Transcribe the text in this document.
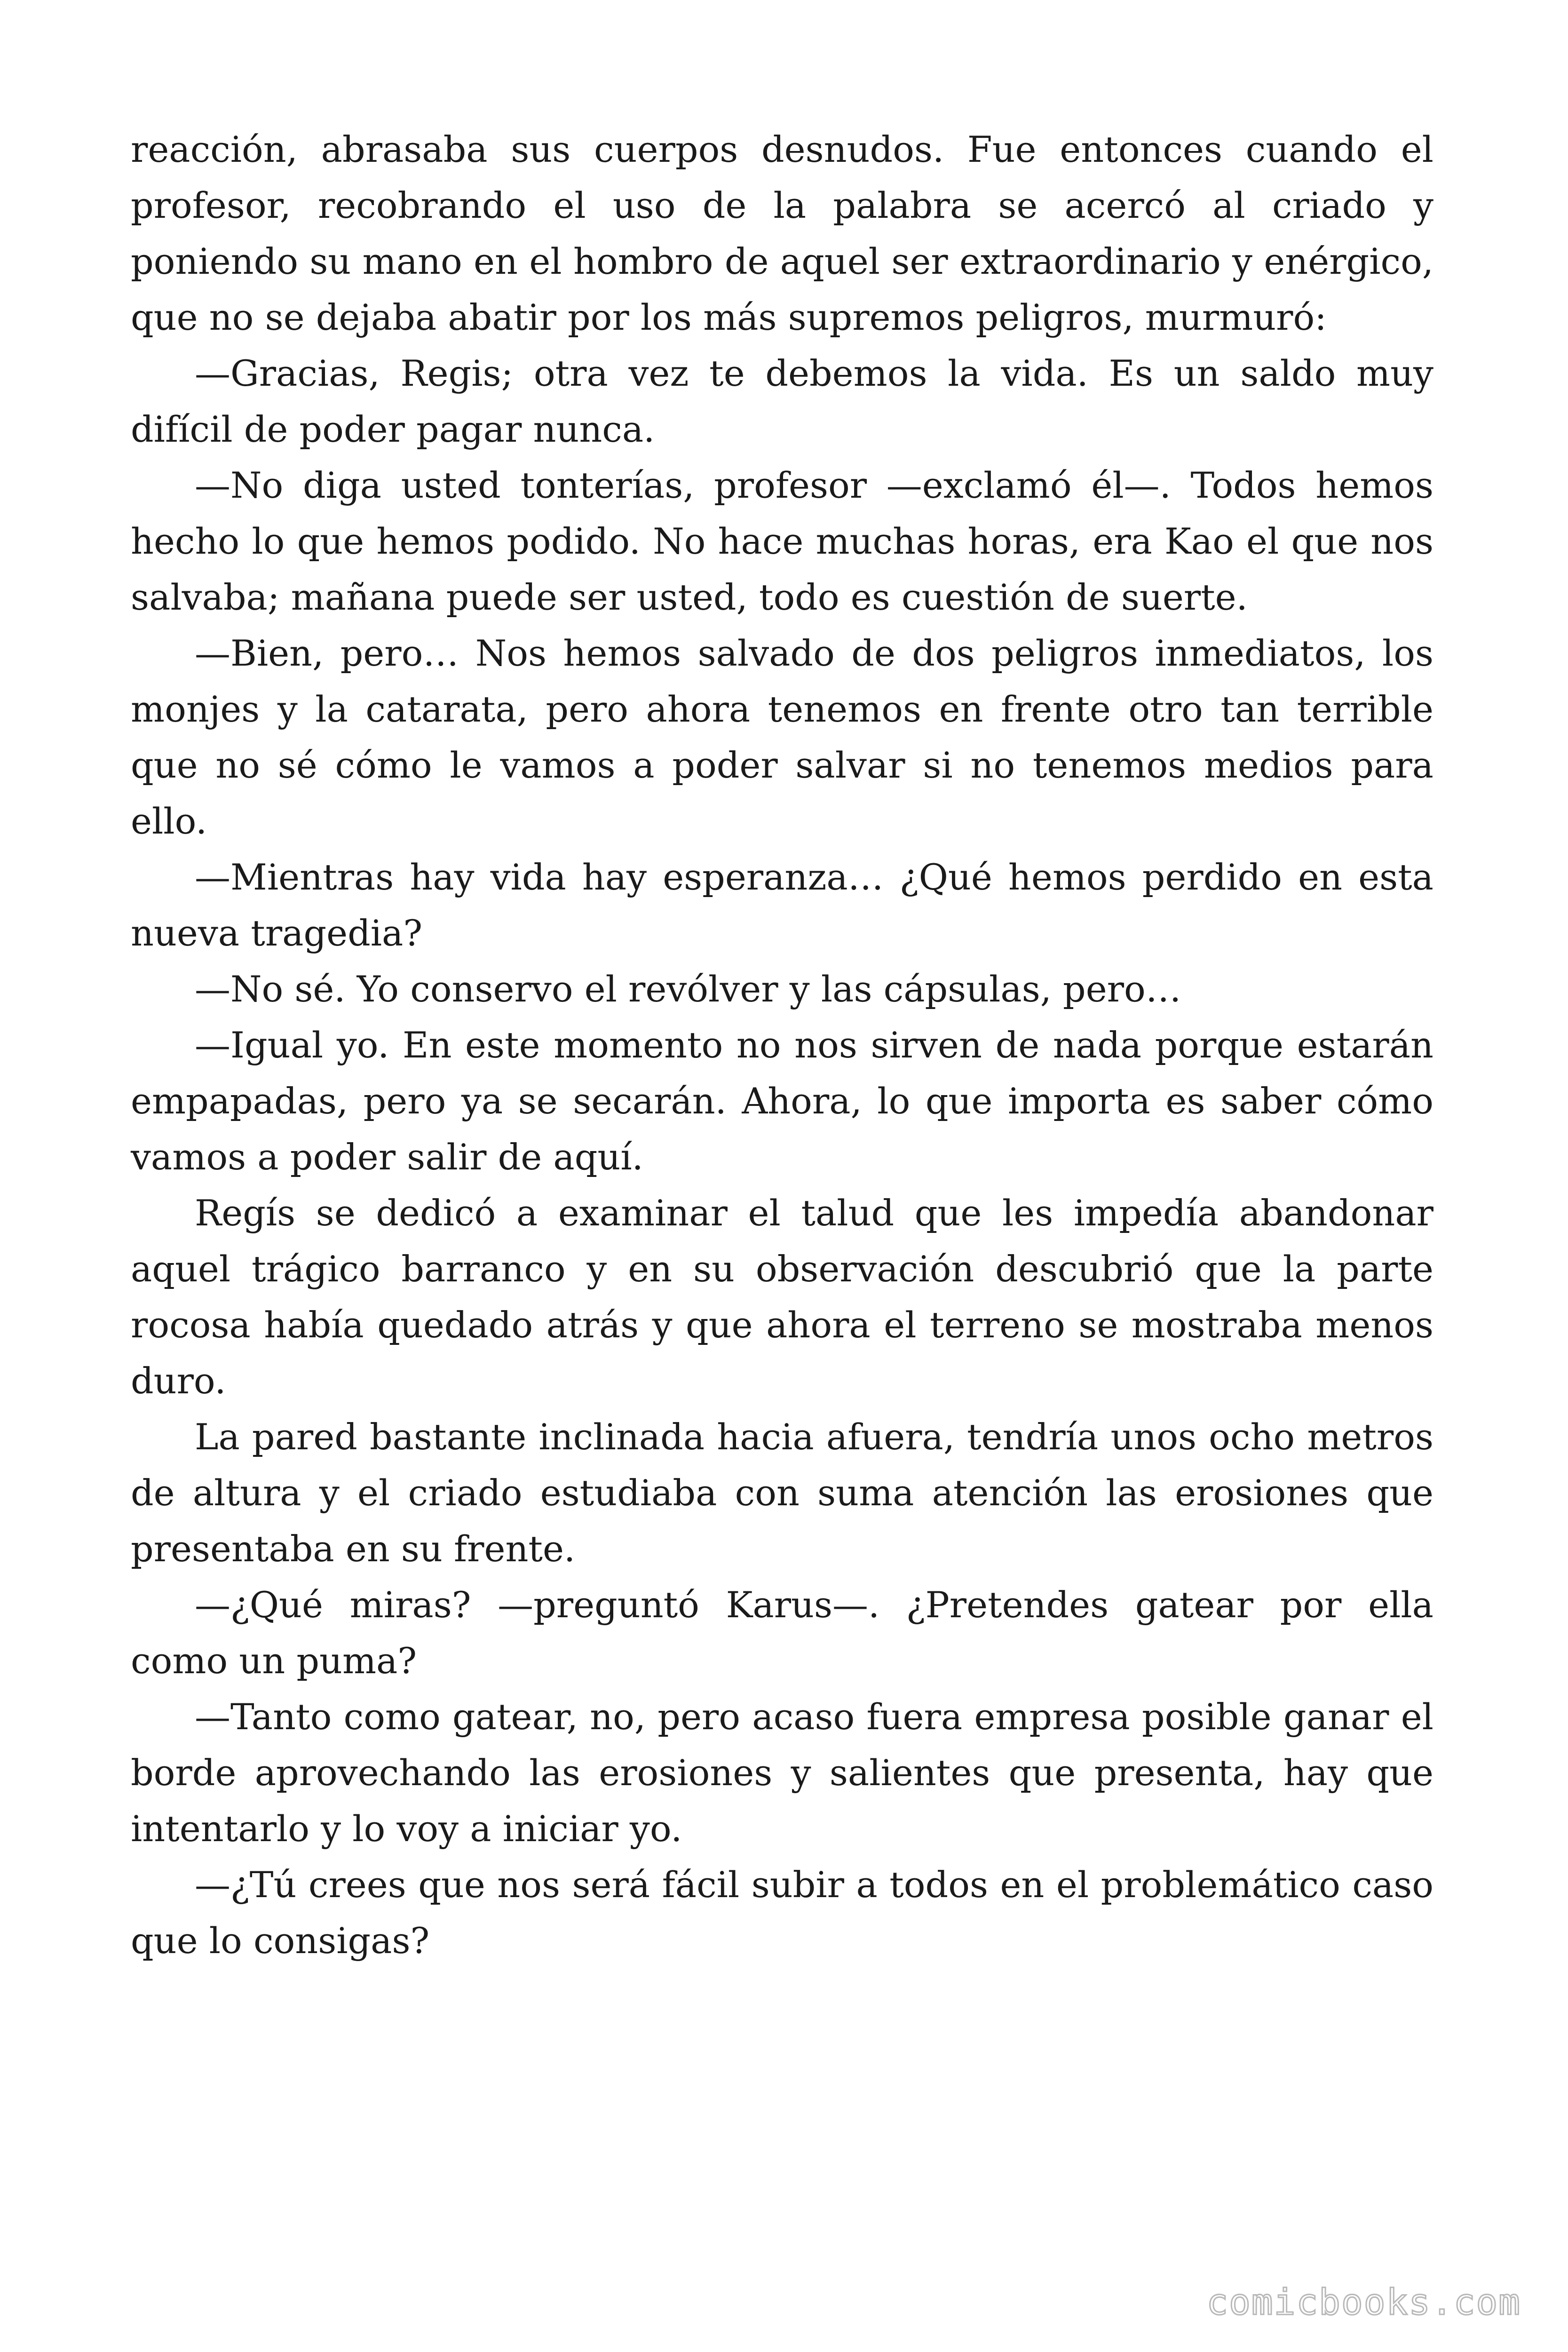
reacción, abrasaba sus cuerpos desnudos. Fue entonces cuando el profesor, recobrando el uso de la palabra se acercó al criado y poniendo su mano en el hombro de aquel ser extraordinario y enérgico, que no se dejaba abatir por los más supremos peligros, murmuró:

—Gracias, Regis; otra vez te debemos la vida. Es un saldo muy difícil de poder pagar nunca.

—No diga usted tonterías, profesor —exclamó él—. Todos hemos hecho lo que hemos podido. No hace muchas horas, era Kao el que nos salvaba; mañana puede ser usted, todo es cuestión de suerte.

—Bien, pero… Nos hemos salvado de dos peligros inmediatos, los monjes y la catarata, pero ahora tenemos en frente otro tan terrible que no sé cómo le vamos a poder salvar si no tenemos medios para ello.

—Mientras hay vida hay esperanza… ¿Qué hemos perdido en esta nueva tragedia?

—No sé. Yo conservo el revólver y las cápsulas, pero…

—Igual yo. En este momento no nos sirven de nada porque estarán empapadas, pero ya se secarán. Ahora, lo que importa es saber cómo vamos a poder salir de aquí.

Regís se dedicó a examinar el talud que les impedía abandonar aquel trágico barranco y en su observación descubrió que la parte rocosa había quedado atrás y que ahora el terreno se mostraba menos duro.

La pared bastante inclinada hacia afuera, tendría unos ocho metros de altura y el criado estudiaba con suma atención las erosiones que presentaba en su frente.

—¿Qué miras? —preguntó Karus—. ¿Pretendes gatear por ella como un puma?

—Tanto como gatear, no, pero acaso fuera empresa posible ganar el borde aprovechando las erosiones y salientes que presenta, hay que intentarlo y lo voy a iniciar yo.

—¿Tú crees que nos será fácil subir a todos en el problemático caso que lo consigas?

comicbooks.com
